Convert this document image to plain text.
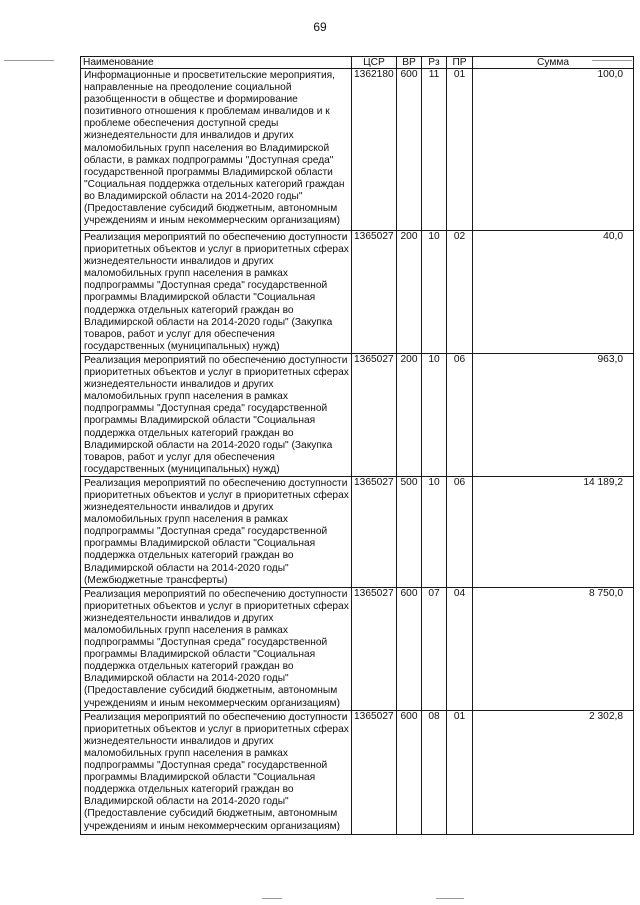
69
Наименование	ЦСР	ВР	Рз	ПР	Сумма
Информационные и просветительские мероприятия, направленные на преодоление социальной разобщенности в обществе и формирование позитивного отношения к проблемам инвалидов и к проблеме обеспечения доступной среды жизнедеятельности для инвалидов и других маломобильных групп населения во Владимирской области, в рамках подпрограммы "Доступная среда" государственной программы Владимирской области "Социальная поддержка отдельных категорий граждан во Владимирской области на 2014-2020 годы" (Предоставление субсидий бюджетным, автономным учреждениям и иным некоммерческим организациям)	1362180	600	11	01	100,0
Реализация мероприятий по обеспечению доступности приоритетных объектов и услуг в приоритетных сферах жизнедеятельности инвалидов и других маломобильных групп населения в рамках подпрограммы "Доступная среда" государственной программы Владимирской области "Социальная поддержка отдельных категорий граждан во Владимирской области на 2014-2020 годы" (Закупка товаров, работ и услуг для обеспечения государственных (муниципальных) нужд)	1365027	200	10	02	40,0
Реализация мероприятий по обеспечению доступности приоритетных объектов и услуг в приоритетных сферах жизнедеятельности инвалидов и других маломобильных групп населения в рамках подпрограммы "Доступная среда" государственной программы Владимирской области "Социальная поддержка отдельных категорий граждан во Владимирской области на 2014-2020 годы" (Закупка товаров, работ и услуг для обеспечения государственных (муниципальных) нужд)	1365027	200	10	06	963,0
Реализация мероприятий по обеспечению доступности приоритетных объектов и услуг в приоритетных сферах жизнедеятельности инвалидов и других маломобильных групп населения в рамках подпрограммы "Доступная среда" государственной программы Владимирской области "Социальная поддержка отдельных категорий граждан во Владимирской области на 2014-2020 годы" (Межбюджетные трансферты)	1365027	500	10	06	14 189,2
Реализация мероприятий по обеспечению доступности приоритетных объектов и услуг в приоритетных сферах жизнедеятельности инвалидов и других маломобильных групп населения в рамках подпрограммы "Доступная среда" государственной программы Владимирской области "Социальная поддержка отдельных категорий граждан во Владимирской области на 2014-2020 годы" (Предоставление субсидий бюджетным, автономным учреждениям и иным некоммерческим организациям)	1365027	600	07	04	8 750,0
Реализация мероприятий по обеспечению доступности приоритетных объектов и услуг в приоритетных сферах жизнедеятельности инвалидов и других маломобильных групп населения в рамках подпрограммы "Доступная среда" государственной программы Владимирской области "Социальная поддержка отдельных категорий граждан во Владимирской области на 2014-2020 годы" (Предоставление субсидий бюджетным, автономным учреждениям и иным некоммерческим организациям)	1365027	600	08	01	2 302,8
